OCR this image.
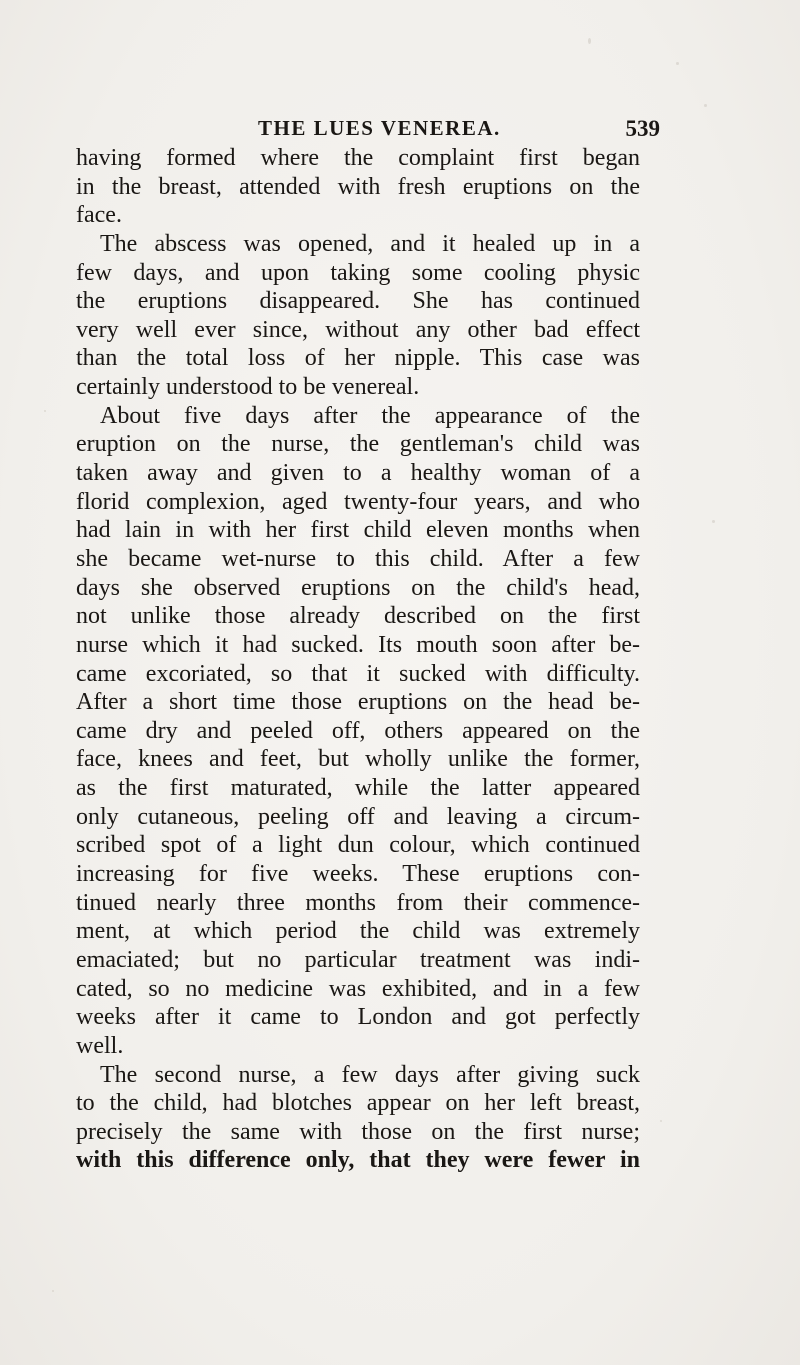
THE LUES VENEREA.	539
having formed where the complaint first began
in the breast, attended with fresh eruptions on the
face.
The abscess was opened, and it healed up in a
few days, and upon taking some cooling physic
the eruptions disappeared. She has continued
very well ever since, without any other bad effect
than the total loss of her nipple. This case was
certainly understood to be venereal.
About five days after the appearance of the
eruption on the nurse, the gentleman's child was
taken away and given to a healthy woman of a
florid complexion, aged twenty-four years, and who
had lain in with her first child eleven months when
she became wet-nurse to this child. After a few
days she observed eruptions on the child's head,
not unlike those already described on the first
nurse which it had sucked. Its mouth soon after be-
came excoriated, so that it sucked with difficulty.
After a short time those eruptions on the head be-
came dry and peeled off, others appeared on the
face, knees and feet, but wholly unlike the former,
as the first maturated, while the latter appeared
only cutaneous, peeling off and leaving a circum-
scribed spot of a light dun colour, which continued
increasing for five weeks. These eruptions con-
tinued nearly three months from their commence-
ment, at which period the child was extremely
emaciated; but no particular treatment was indi-
cated, so no medicine was exhibited, and in a few
weeks after it came to London and got perfectly
well.
The second nurse, a few days after giving suck
to the child, had blotches appear on her left breast,
precisely the same with those on the first nurse;
with this difference only, that they were fewer in
